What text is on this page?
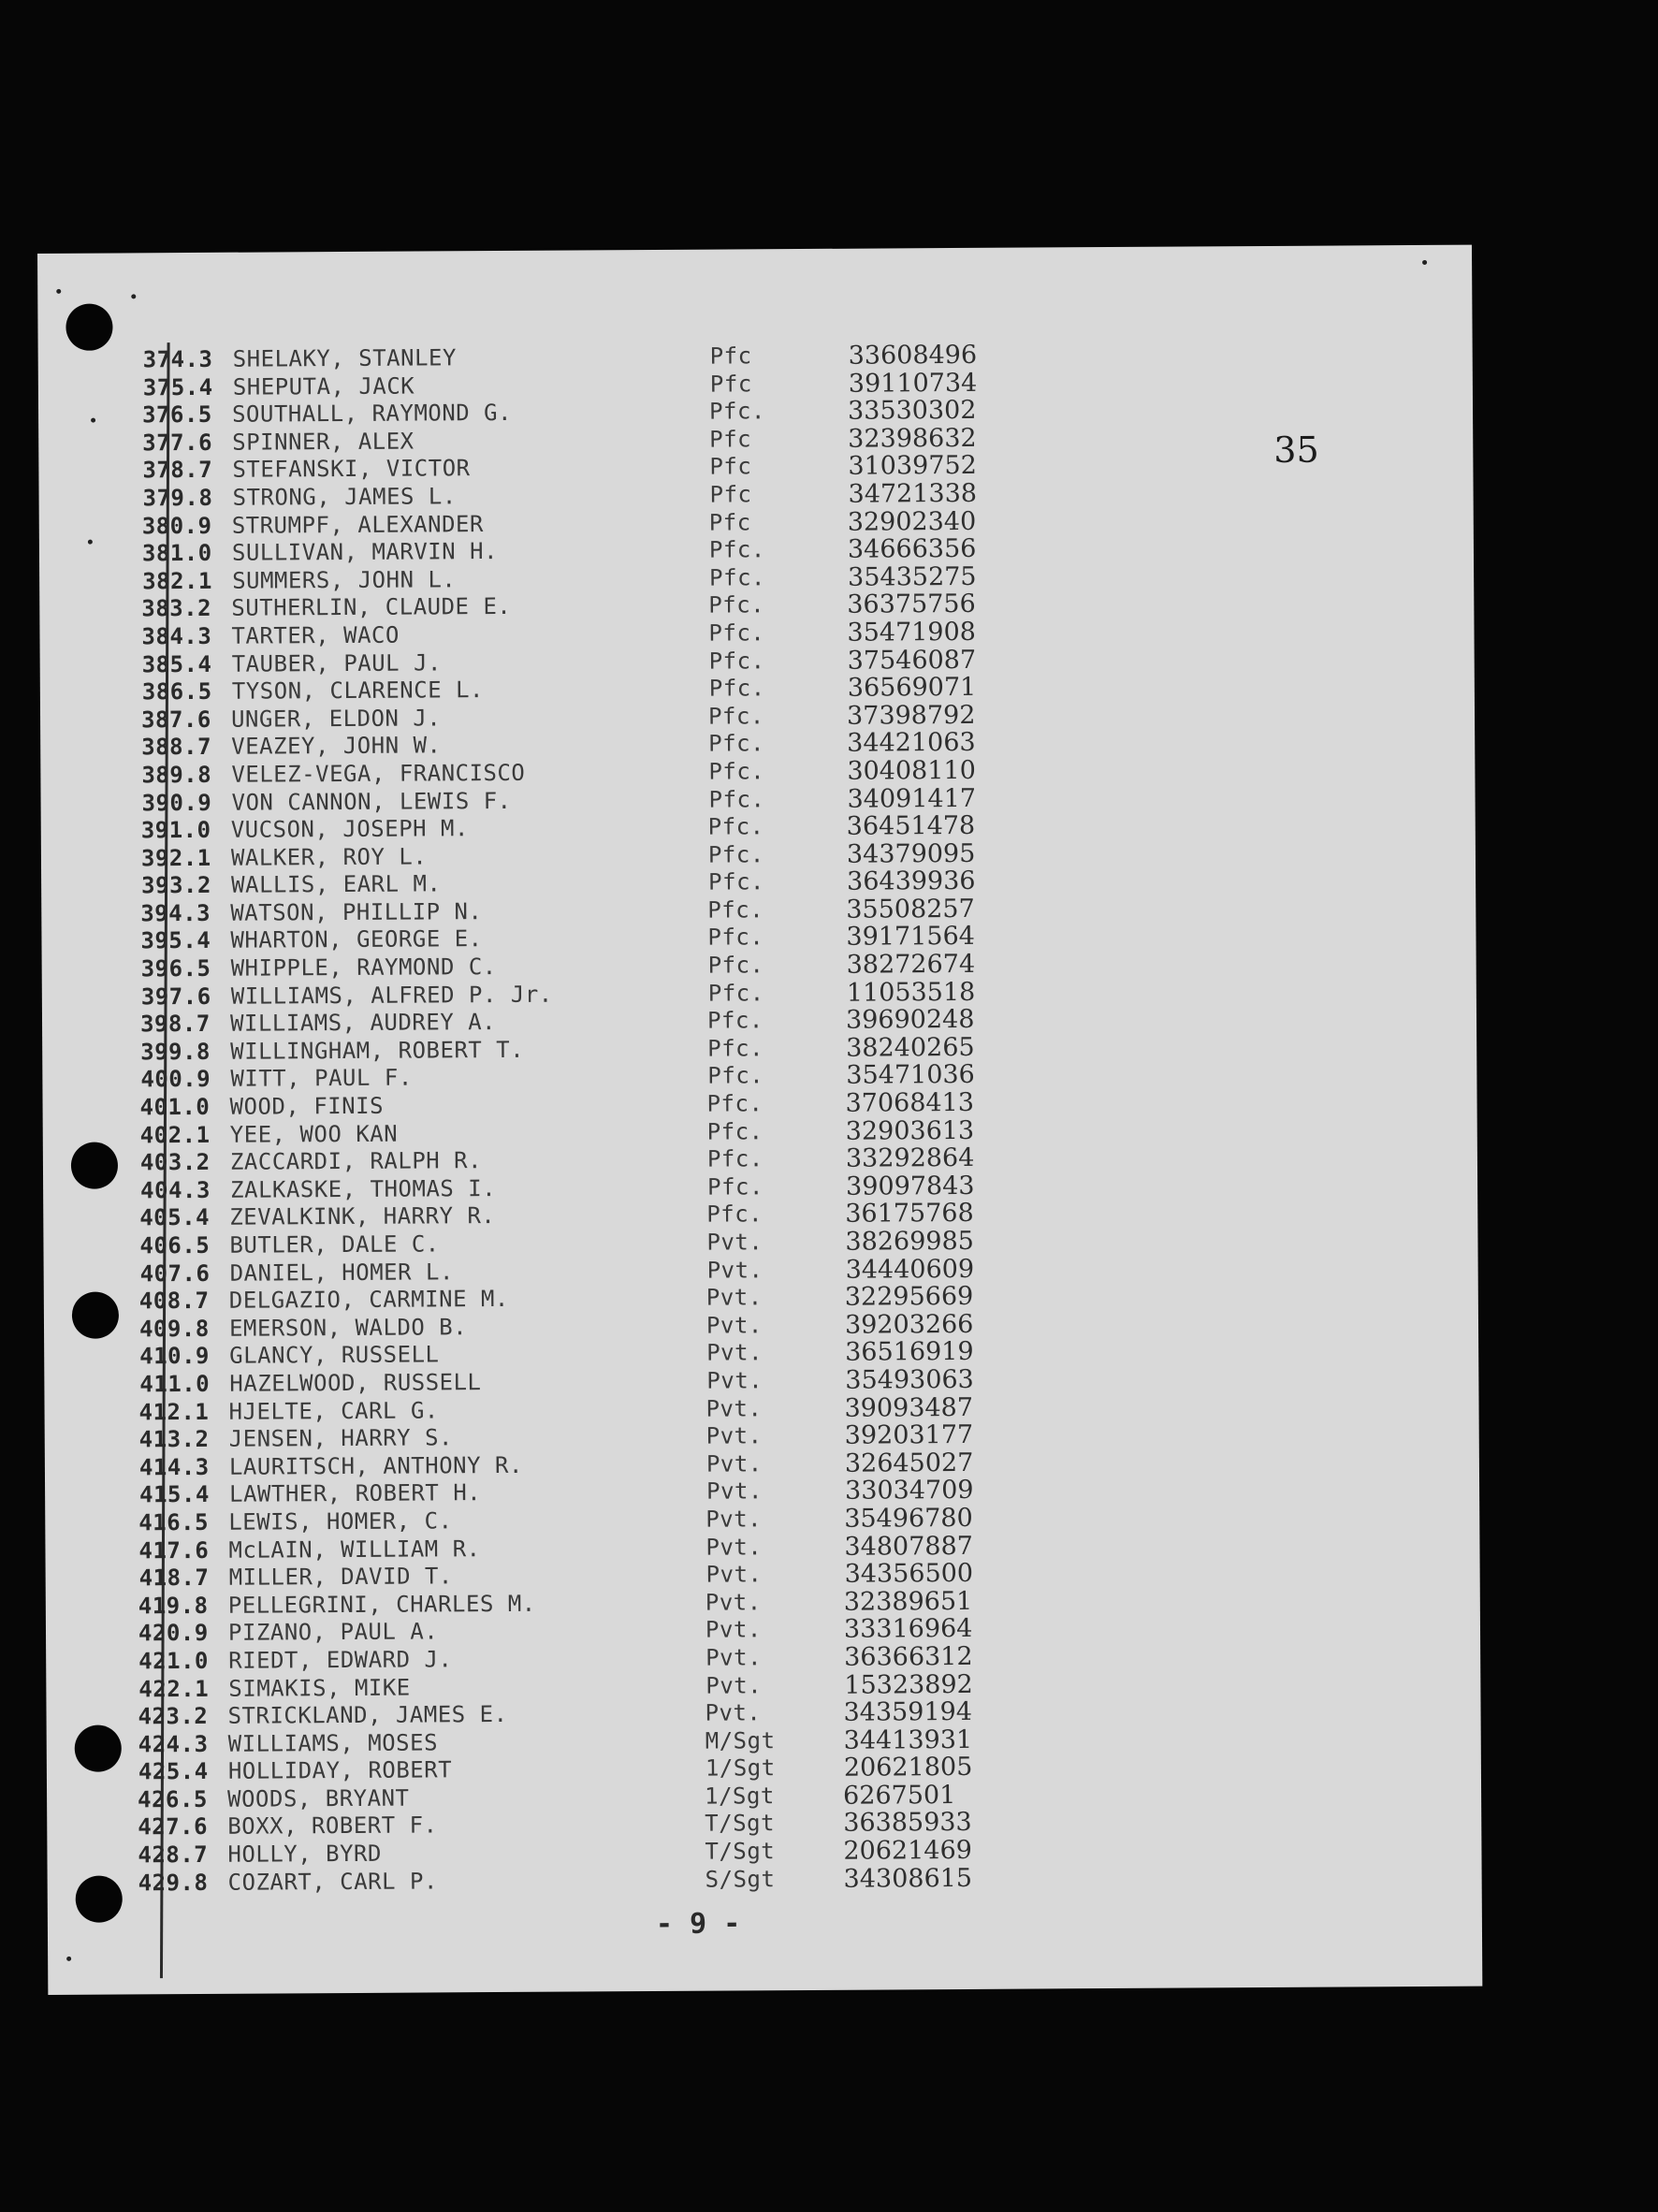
35
374.3 SHELAKY, STANLEY	Pfc	33608496
375.4 SHEPUTA, JACK	Pfc	39110734
376.5 SOUTHALL, RAYMOND G.	Pfc.	33530302
377.6 SPINNER, ALEX	Pfc	32398632
378.7 STEFANSKI, VICTOR	Pfc	31039752
379.8 STRONG, JAMES L.	Pfc	34721338
380.9 STRUMPF, ALEXANDER	Pfc	32902340
381.0 SULLIVAN, MARVIN H.	Pfc.	34666356
382.1 SUMMERS, JOHN L.	Pfc.	35435275
383.2 SUTHERLIN, CLAUDE E.	Pfc.	36375756
384.3 TARTER, WACO	Pfc.	35471908
385.4 TAUBER, PAUL J.	Pfc.	37546087
386.5 TYSON, CLARENCE L.	Pfc.	36569071
387.6 UNGER, ELDON J.	Pfc.	37398792
388.7 VEAZEY, JOHN W.	Pfc.	34421063
389.8 VELEZ-VEGA, FRANCISCO	Pfc.	30408110
390.9 VON CANNON, LEWIS F.	Pfc.	34091417
391.0 VUCSON, JOSEPH M.	Pfc.	36451478
392.1 WALKER, ROY L.	Pfc.	34379095
393.2 WALLIS, EARL M.	Pfc.	36439936
394.3 WATSON, PHILLIP N.	Pfc.	35508257
395.4 WHARTON, GEORGE E.	Pfc.	39171564
396.5 WHIPPLE, RAYMOND C.	Pfc.	38272674
397.6 WILLIAMS, ALFRED P. Jr.	Pfc.	11053518
398.7 WILLIAMS, AUDREY A.	Pfc.	39690248
399.8 WILLINGHAM, ROBERT T.	Pfc.	38240265
400.9 WITT, PAUL F.	Pfc.	35471036
401.0 WOOD, FINIS	Pfc.	37068413
402.1 YEE, WOO KAN	Pfc.	32903613
403.2 ZACCARDI, RALPH R.	Pfc.	33292864
404.3 ZALKASKE, THOMAS I.	Pfc.	39097843
405.4 ZEVALKINK, HARRY R.	Pfc.	36175768
406.5 BUTLER, DALE C.	Pvt.	38269985
407.6 DANIEL, HOMER L.	Pvt.	34440609
408.7 DELGAZIO, CARMINE M.	Pvt.	32295669
409.8 EMERSON, WALDO B.	Pvt.	39203266
410.9 GLANCY, RUSSELL	Pvt.	36516919
411.0 HAZELWOOD, RUSSELL	Pvt.	35493063
412.1 HJELTE, CARL G.	Pvt.	39093487
413.2 JENSEN, HARRY S.	Pvt.	39203177
414.3 LAURITSCH, ANTHONY R.	Pvt.	32645027
415.4 LAWTHER, ROBERT H.	Pvt.	33034709
416.5 LEWIS, HOMER, C.	Pvt.	35496780
417.6 McLAIN, WILLIAM R.	Pvt.	34807887
418.7 MILLER, DAVID T.	Pvt.	34356500
419.8 PELLEGRINI, CHARLES M.	Pvt.	32389651
420.9 PIZANO, PAUL A.	Pvt.	33316964
421.0 RIEDT, EDWARD J.	Pvt.	36366312
422.1 SIMAKIS, MIKE	Pvt.	15323892
423.2 STRICKLAND, JAMES E.	Pvt.	34359194
424.3 WILLIAMS, MOSES	M/Sgt	34413931
425.4 HOLLIDAY, ROBERT	1/Sgt	20621805
426.5 WOODS, BRYANT	1/Sgt	6267501
427.6 BOXX, ROBERT F.	T/Sgt	36385933
428.7 HOLLY, BYRD	T/Sgt	20621469
429.8 COZART, CARL P.	S/Sgt	34308615
- 9 -
